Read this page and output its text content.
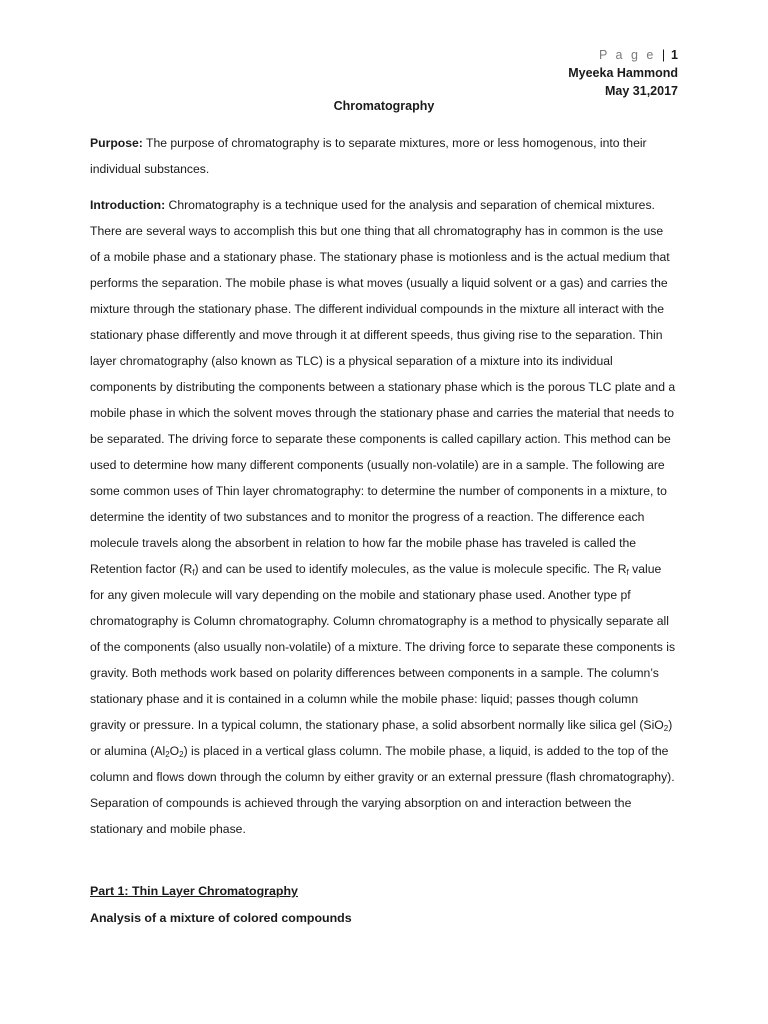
P a g e | 1
Myeeka Hammond
May 31,2017
Chromatography

Purpose: The purpose of chromatography is to separate mixtures, more or less homogenous, into their individual substances.

Introduction: Chromatography is a technique used for the analysis and separation of chemical mixtures. There are several ways to accomplish this but one thing that all chromatography has in common is the use of a mobile phase and a stationary phase. The stationary phase is motionless and is the actual medium that performs the separation. The mobile phase is what moves (usually a liquid solvent or a gas) and carries the mixture through the stationary phase. The different individual compounds in the mixture all interact with the stationary phase differently and move through it at different speeds, thus giving rise to the separation. Thin layer chromatography (also known as TLC) is a physical separation of a mixture into its individual components by distributing the components between a stationary phase which is the porous TLC plate and a mobile phase in which the solvent moves through the stationary phase and carries the material that needs to be separated. The driving force to separate these components is called capillary action. This method can be used to determine how many different components (usually non-volatile) are in a sample. The following are some common uses of Thin layer chromatography: to determine the number of components in a mixture, to determine the identity of two substances and to monitor the progress of a reaction. The difference each molecule travels along the absorbent in relation to how far the mobile phase has traveled is called the Retention factor $(R_f)$ and can be used to identify molecules, as the value is molecule specific. The $R_f$ value for any given molecule will vary depending on the mobile and stationary phase used. Another type pf chromatography is Column chromatography. Column chromatography is a method to physically separate all of the components (also usually non-volatile) of a mixture. The driving force to separate these components is gravity. Both methods work based on polarity differences between components in a sample. The column’s stationary phase and it is contained in a column while the mobile phase: liquid; passes though column gravity or pressure. In a typical column, the stationary phase, a solid absorbent normally like silica gel (SiO$_2$) or alumina $(Al_2O_2)$ is placed in a vertical glass column. The mobile phase, a liquid, is added to the top of the column and flows down through the column by either gravity or an external pressure (flash chromatography). Separation of compounds is achieved through the varying absorption on and interaction between the stationary and mobile phase.

Part 1: Thin Layer Chromatography
Analysis of a mixture of colored compounds
